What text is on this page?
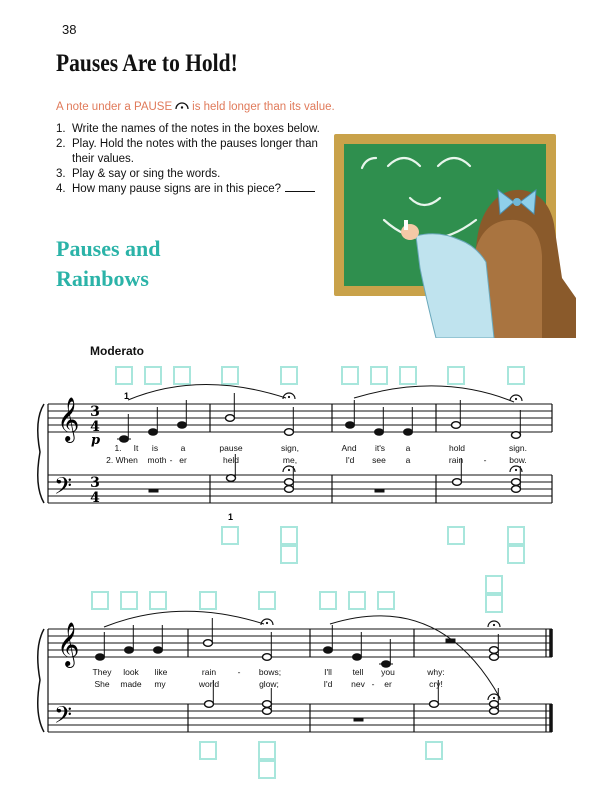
38
Pauses Are to Hold!
A note under a PAUSE is held longer than its value.
1. Write the names of the notes in the boxes below.
2. Play. Hold the notes with the pauses longer than their values.
3. Play & say or sing the words.
4. How many pause signs are in this piece?
Pauses and
Rainbows
Moderato
𝄞
𝄢
3
4
3
4
p
1
1
𝄞
𝄢
1. It is	a	pause	sign,	And it's a	hold	sign.
2. When moth - er	held	me,	I'd see a	rain -	bow.
They look like	rain	- bows;	I'll tell you	why:
She made my	world	glow;	I'd nev - er	cry!
